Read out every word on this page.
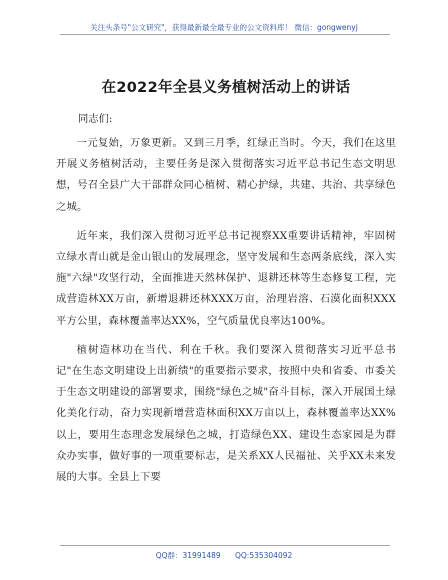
关注头条号"公文研究"，获得最新最全最专业的公文资料库！ 微信：gongwenyj
在2022年全县义务植树活动上的讲话
同志们:

一元复始，万象更新。又到三月季，红绿正当时。今天，我们在这里开展义务植树活动，主要任务是深入贯彻落实习近平总书记生态文明思想，号召全县广大干部群众同心植树、精心护绿，共建、共治、共享绿色之城。

近年来，我们深入贯彻习近平总书记视察XX重要讲话精神，牢固树立绿水青山就是金山银山的发展理念，坚守发展和生态两条底线，深入实施"六绿"攻坚行动，全面推进天然林保护、退耕还林等生态修复工程，完成营造林XX万亩，新增退耕还林XXX万亩，治理岩溶、石漠化面积XXX平方公里，森林覆盖率达XX%，空气质量优良率达100%。

植树造林功在当代、利在千秋。我们要深入贯彻落实习近平总书记"在生态文明建设上出新绩"的重要指示要求，按照中央和省委、市委关于生态文明建设的部署要求，围绕"绿色之城"奋斗目标，深入开展国土绿化美化行动，奋力实现新增营造林面积XX万亩以上，森林覆盖率达XX%以上，要用生态理念发展绿色之城，打造绿色XX、建设生态家园是为群众办实事，做好事的一项重要标志，是关系XX人民福祉、关乎XX未来发展的大事。全县上下要

QQ群：31991489      QQ:535304092
